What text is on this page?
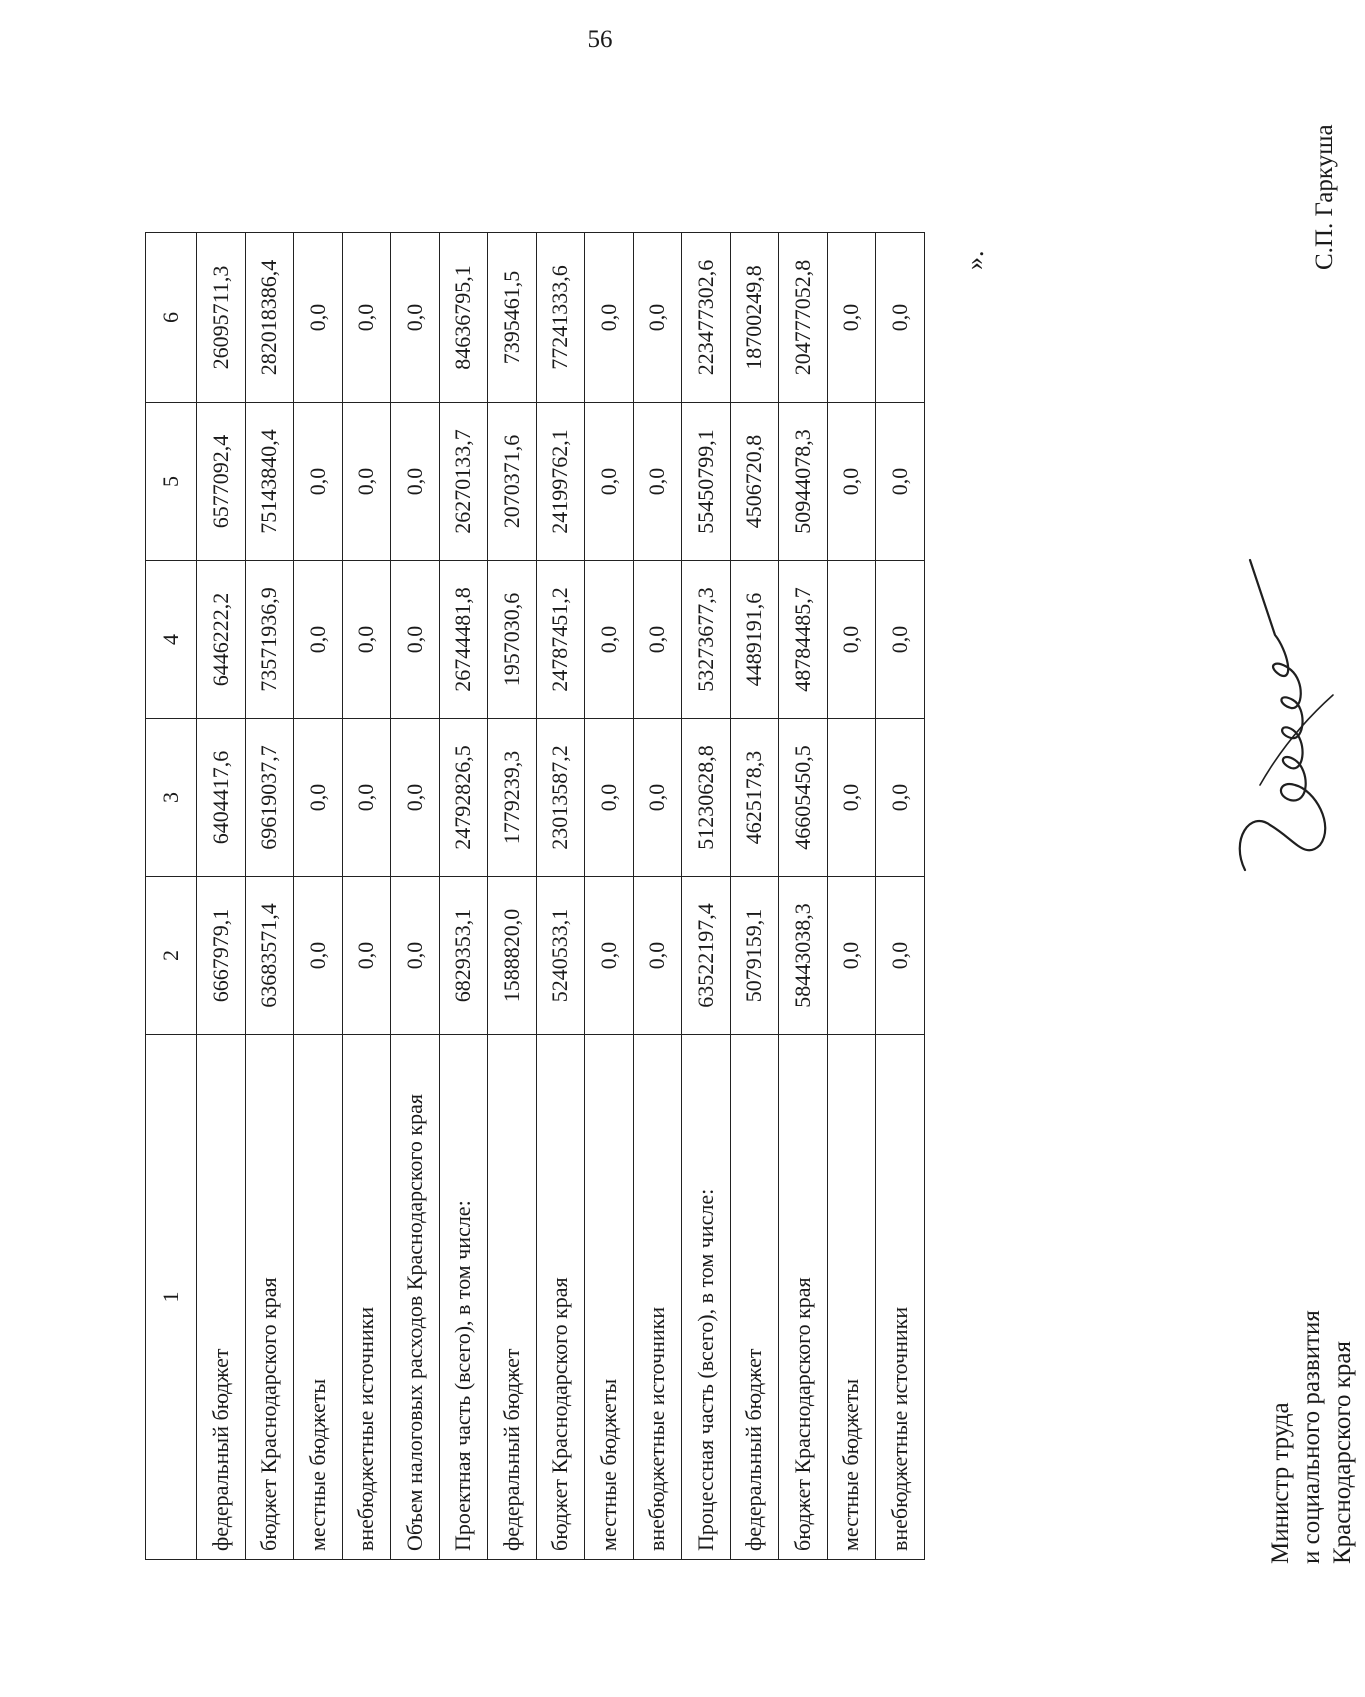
56
1	2	3	4	5	6
федеральный бюджет	6667979,1	6404417,6	6446222,2	6577092,4	26095711,3
бюджет Краснодарского края	63683571,4	69619037,7	73571936,9	75143840,4	282018386,4
местные бюджеты	0,0	0,0	0,0	0,0	0,0
внебюджетные источники	0,0	0,0	0,0	0,0	0,0
Объем налоговых расходов Краснодарского края	0,0	0,0	0,0	0,0	0,0
Проектная часть (всего), в том числе:	6829353,1	24792826,5	26744481,8	26270133,7	84636795,1
федеральный бюджет	1588820,0	1779239,3	1957030,6	2070371,6	7395461,5
бюджет Краснодарского края	5240533,1	23013587,2	24787451,2	24199762,1	77241333,6
местные бюджеты	0,0	0,0	0,0	0,0	0,0
внебюджетные источники	0,0	0,0	0,0	0,0	0,0
Процессная часть (всего), в том числе:	63522197,4	51230628,8	53273677,3	55450799,1	223477302,6
федеральный бюджет	5079159,1	4625178,3	4489191,6	4506720,8	18700249,8
бюджет Краснодарского края	58443038,3	46605450,5	48784485,7	50944078,3	204777052,8
местные бюджеты	0,0	0,0	0,0	0,0	0,0
внебюджетные источники	0,0	0,0	0,0	0,0	0,0
».
Министр труда и социального развития Краснодарского края
С.П. Гаркуша
